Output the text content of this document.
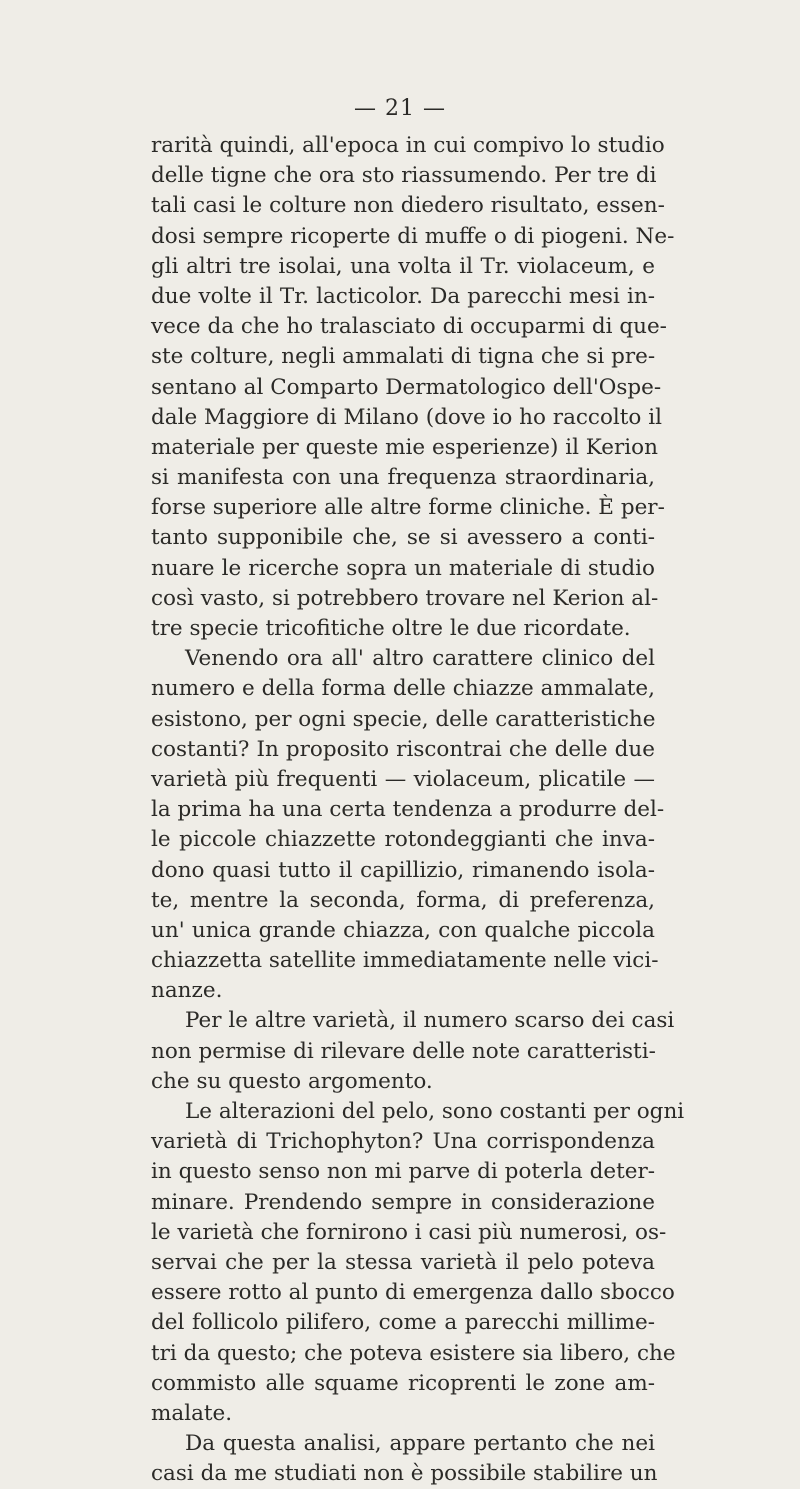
— 21 —
rarità quindi, all'epoca in cui compivo lo studio
delle tigne che ora sto riassumendo. Per tre di
tali casi le colture non diedero risultato, essen-
dosi sempre ricoperte di muffe o di piogeni. Ne-
gli altri tre isolai, una volta il Tr. violaceum, e
due volte il Tr. lacticolor. Da parecchi mesi in-
vece da che ho tralasciato di occuparmi di que-
ste colture, negli ammalati di tigna che si pre-
sentano al Comparto Dermatologico dell'Ospe-
dale Maggiore di Milano (dove io ho raccolto il
materiale per queste mie esperienze) il Kerion
si manifesta con una frequenza straordinaria,
forse superiore alle altre forme cliniche. È per-
tanto supponibile che, se si avessero a conti-
nuare le ricerche sopra un materiale di studio
così vasto, si potrebbero trovare nel Kerion al-
tre specie tricofitiche oltre le due ricordate.
Venendo ora all' altro carattere clinico del
numero e della forma delle chiazze ammalate,
esistono, per ogni specie, delle caratteristiche
costanti? In proposito riscontrai che delle due
varietà più frequenti — violaceum, plicatile —
la prima ha una certa tendenza a produrre del-
le piccole chiazzette rotondeggianti che inva-
dono quasi tutto il capillizio, rimanendo isola-
te, mentre la seconda, forma, di preferenza,
un' unica grande chiazza, con qualche piccola
chiazzetta satellite immediatamente nelle vici-
nanze.
Per le altre varietà, il numero scarso dei casi
non permise di rilevare delle note caratteristi-
che su questo argomento.
Le alterazioni del pelo, sono costanti per ogni
varietà di Trichophyton? Una corrispondenza
in questo senso non mi parve di poterla deter-
minare. Prendendo sempre in considerazione
le varietà che fornirono i casi più numerosi, os-
servai che per la stessa varietà il pelo poteva
essere rotto al punto di emergenza dallo sbocco
del follicolo pilifero, come a parecchi millime-
tri da questo; che poteva esistere sia libero, che
commisto alle squame ricoprenti le zone am-
malate.
Da questa analisi, appare pertanto che nei
casi da me studiati non è possibile stabilire un
